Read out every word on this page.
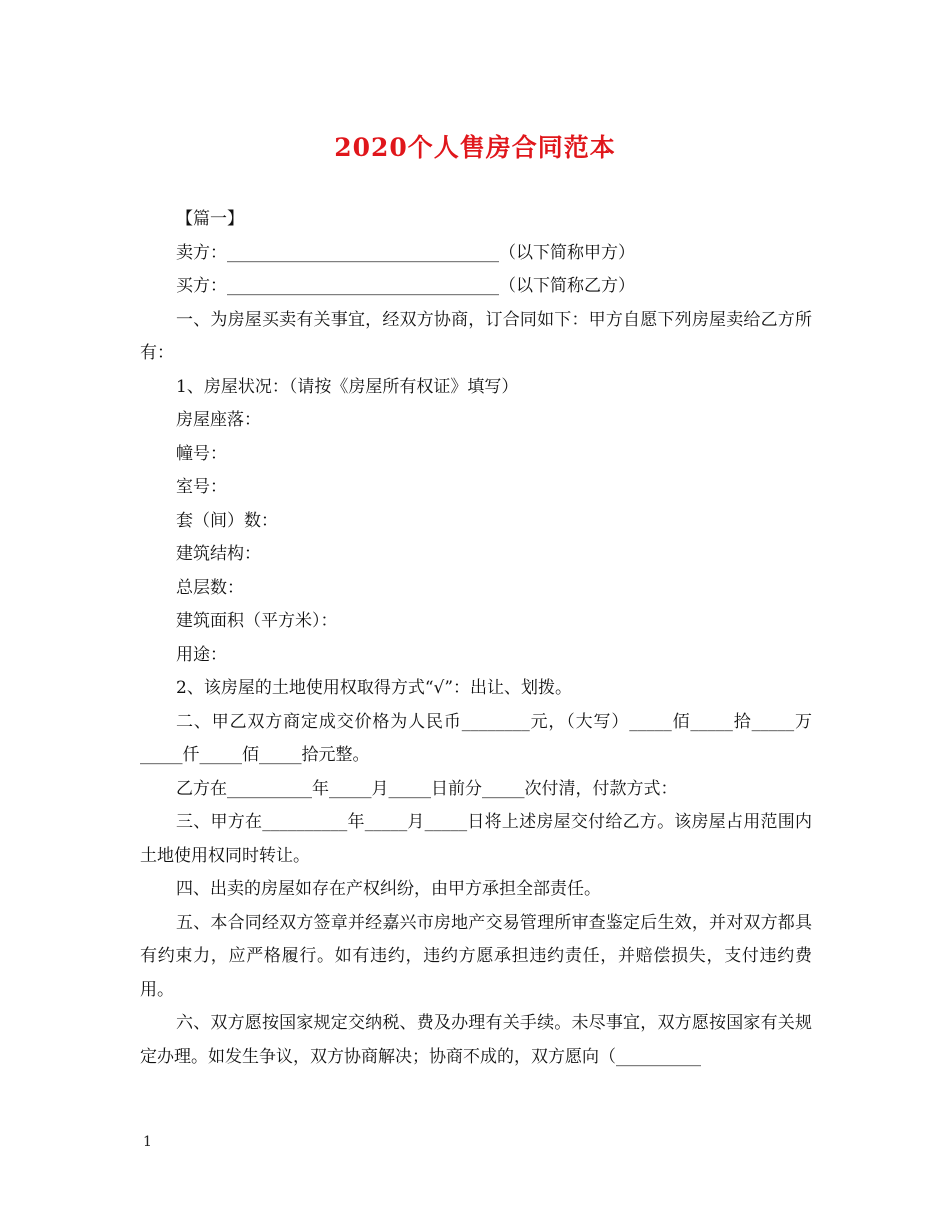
2020个人售房合同范本

【篇一】

卖方：________________________________（以下简称甲方）

买方：________________________________（以下简称乙方）

一、为房屋买卖有关事宜，经双方协商，订合同如下：甲方自愿下列房屋卖给乙方所有：

1、房屋状况：（请按《房屋所有权证》填写）

房屋座落：

幢号：

室号：

套（间）数：

建筑结构：

总层数：

建筑面积（平方米）：

用途：

2、该房屋的土地使用权取得方式“√”：出让、划拨。

二、甲乙双方商定成交价格为人民币________元，（大写）_____佰_____拾_____万_____仟_____佰_____拾元整。

乙方在__________年_____月_____日前分_____次付清，付款方式：

三、甲方在__________年_____月_____日将上述房屋交付给乙方。该房屋占用范围内土地使用权同时转让。

四、出卖的房屋如存在产权纠纷，由甲方承担全部责任。

五、本合同经双方签章并经嘉兴市房地产交易管理所审查鉴定后生效，并对双方都具有约束力，应严格履行。如有违约，违约方愿承担违约责任，并赔偿损失，支付违约费用。

六、双方愿按国家规定交纳税、费及办理有关手续。未尽事宜，双方愿按国家有关规定办理。如发生争议，双方协商解决；协商不成的，双方愿向（__________

1
